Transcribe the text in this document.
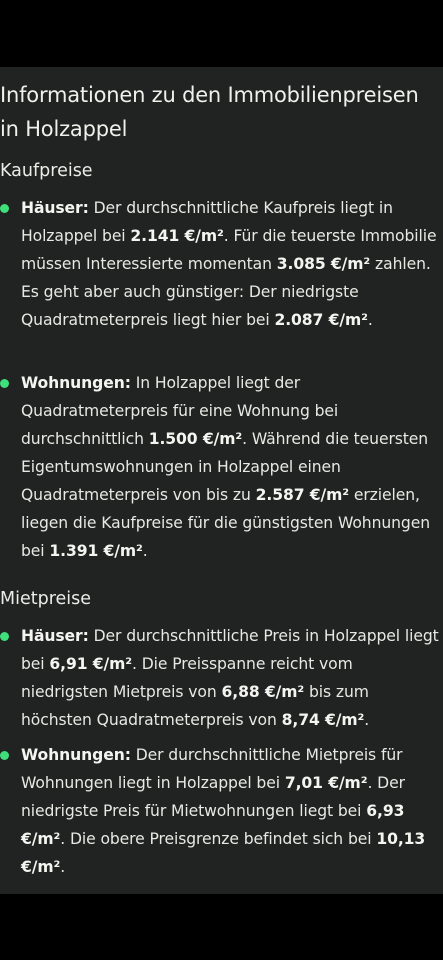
Informationen zu den Immobilienpreisen in Holzappel
Kaufpreise
Häuser: Der durchschnittliche Kaufpreis liegt in Holzappel bei 2.141 €/m². Für die teuerste Immobilie müssen Interessierte momentan 3.085 €/m² zahlen. Es geht aber auch günstiger: Der niedrigste Quadratmeterpreis liegt hier bei 2.087 €/m².
Wohnungen: In Holzappel liegt der Quadratmeterpreis für eine Wohnung bei durchschnittlich 1.500 €/m². Während die teuersten Eigentumswohnungen in Holzappel einen Quadratmeterpreis von bis zu 2.587 €/m² erzielen, liegen die Kaufpreise für die günstigsten Wohnungen bei 1.391 €/m².
Mietpreise
Häuser: Der durchschnittliche Preis in Holzappel liegt bei 6,91 €/m². Die Preisspanne reicht vom niedrigsten Mietpreis von 6,88 €/m² bis zum höchsten Quadratmeterpreis von 8,74 €/m².
Wohnungen: Der durchschnittliche Mietpreis für Wohnungen liegt in Holzappel bei 7,01 €/m². Der niedrigste Preis für Mietwohnungen liegt bei 6,93 €/m². Die obere Preisgrenze befindet sich bei 10,13 €/m².
